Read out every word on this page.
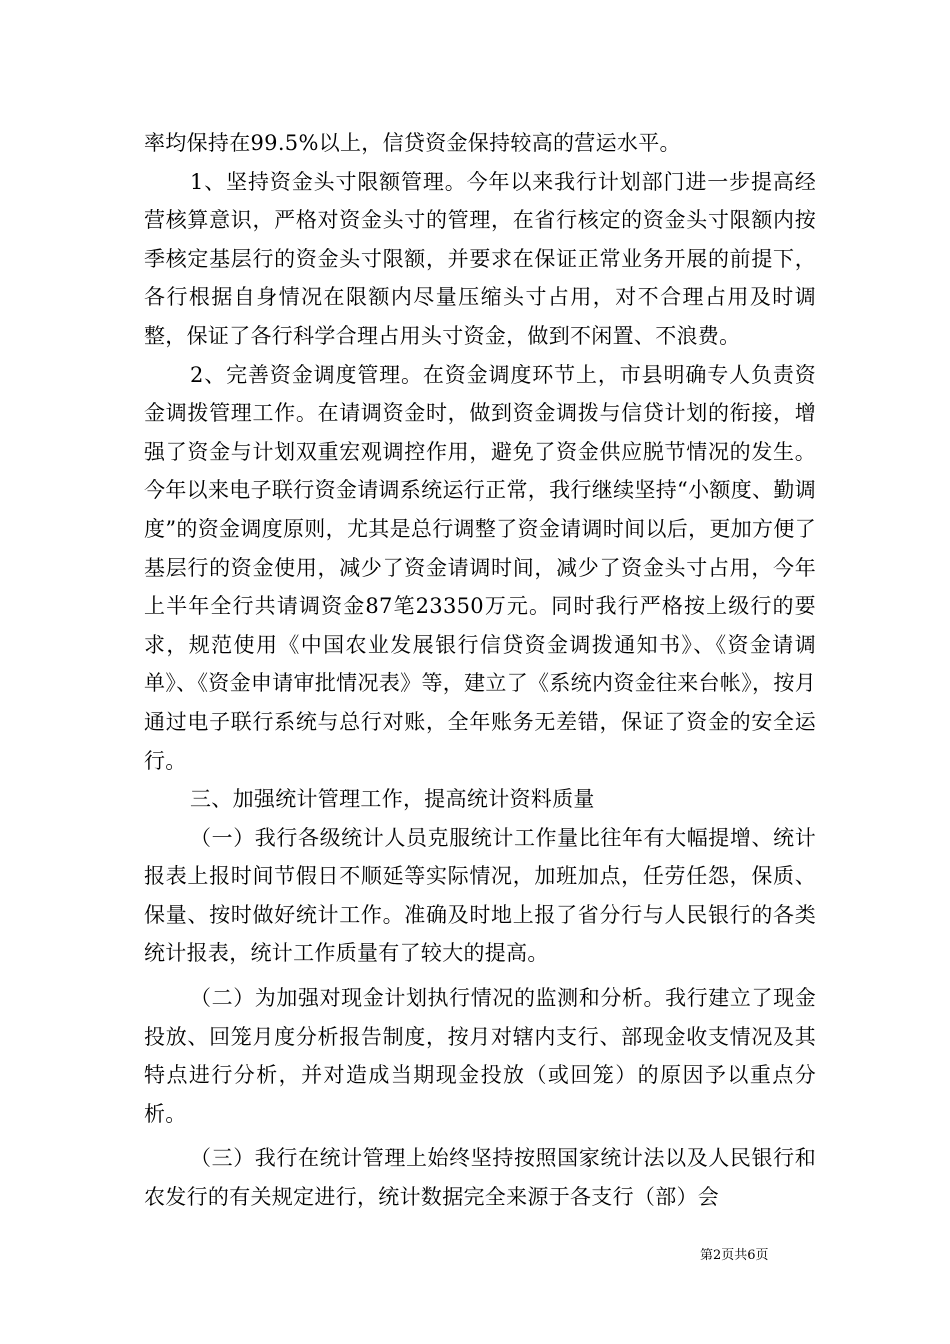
率均保持在99.5%以上，信贷资金保持较高的营运水平。

1、坚持资金头寸限额管理。今年以来我行计划部门进一步提高经营核算意识，严格对资金头寸的管理，在省行核定的资金头寸限额内按季核定基层行的资金头寸限额，并要求在保证正常业务开展的前提下，各行根据自身情况在限额内尽量压缩头寸占用，对不合理占用及时调整，保证了各行科学合理占用头寸资金，做到不闲置、不浪费。

2、完善资金调度管理。在资金调度环节上，市县明确专人负责资金调拨管理工作。在请调资金时，做到资金调拨与信贷计划的衔接，增强了资金与计划双重宏观调控作用，避免了资金供应脱节情况的发生。今年以来电子联行资金请调系统运行正常，我行继续坚持“小额度、勤调度”的资金调度原则，尤其是总行调整了资金请调时间以后，更加方便了基层行的资金使用，减少了资金请调时间，减少了资金头寸占用，今年上半年全行共请调资金87笔23350万元。同时我行严格按上级行的要求，规范使用《中国农业发展银行信贷资金调拨通知书》、《资金请调单》、《资金申请审批情况表》等，建立了《系统内资金往来台帐》，按月通过电子联行系统与总行对账，全年账务无差错，保证了资金的安全运行。

三、加强统计管理工作，提高统计资料质量

（一）我行各级统计人员克服统计工作量比往年有大幅提增、统计报表上报时间节假日不顺延等实际情况，加班加点，任劳任怨，保质、保量、按时做好统计工作。准确及时地上报了省分行与人民银行的各类统计报表，统计工作质量有了较大的提高。

（二）为加强对现金计划执行情况的监测和分析。我行建立了现金投放、回笼月度分析报告制度，按月对辖内支行、部现金收支情况及其特点进行分析，并对造成当期现金投放（或回笼）的原因予以重点分析。

（三）我行在统计管理上始终坚持按照国家统计法以及人民银行和农发行的有关规定进行，统计数据完全来源于各支行（部）会

第2页共6页
